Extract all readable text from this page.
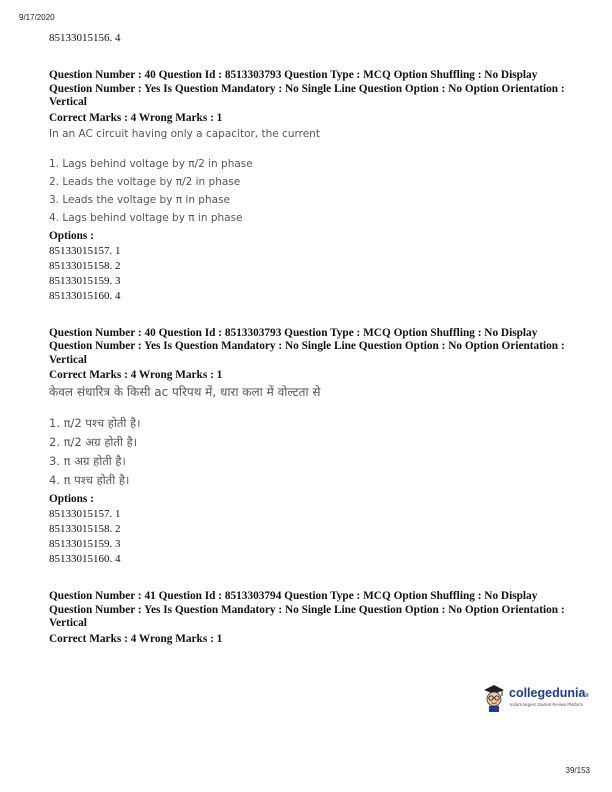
9/17/2020

85133015156. 4

Question Number : 40 Question Id : 8513303793 Question Type : MCQ Option Shuffling : No Display Question Number : Yes Is Question Mandatory : No Single Line Question Option : No Option Orientation : Vertical

Correct Marks : 4 Wrong Marks : 1

In an AC circuit having only a capacitor, the current

1. Lags behind voltage by π/2 in phase

2. Leads the voltage by π/2 in phase

3. Leads the voltage by π in phase

4. Lags behind voltage by π in phase

Options :

85133015157. 1

85133015158. 2

85133015159. 3

85133015160. 4

Question Number : 40 Question Id : 8513303793 Question Type : MCQ Option Shuffling : No Display Question Number : Yes Is Question Mandatory : No Single Line Question Option : No Option Orientation : Vertical

Correct Marks : 4 Wrong Marks : 1

केवल संधारित्र के किसी ac परिपथ में, धारा कला में वोल्टता से

1. π/2 पश्च होती है।

2. π/2 अग्र होती है।

3. π अग्र होती है।

4. π पश्च होती है।

Options :

85133015157. 1

85133015158. 2

85133015159. 3

85133015160. 4

Question Number : 41 Question Id : 8513303794 Question Type : MCQ Option Shuffling : No Display Question Number : Yes Is Question Mandatory : No Single Line Question Option : No Option Orientation : Vertical

Correct Marks : 4 Wrong Marks : 1

collegedunia®
India's largest Student Review Platform
39/153
